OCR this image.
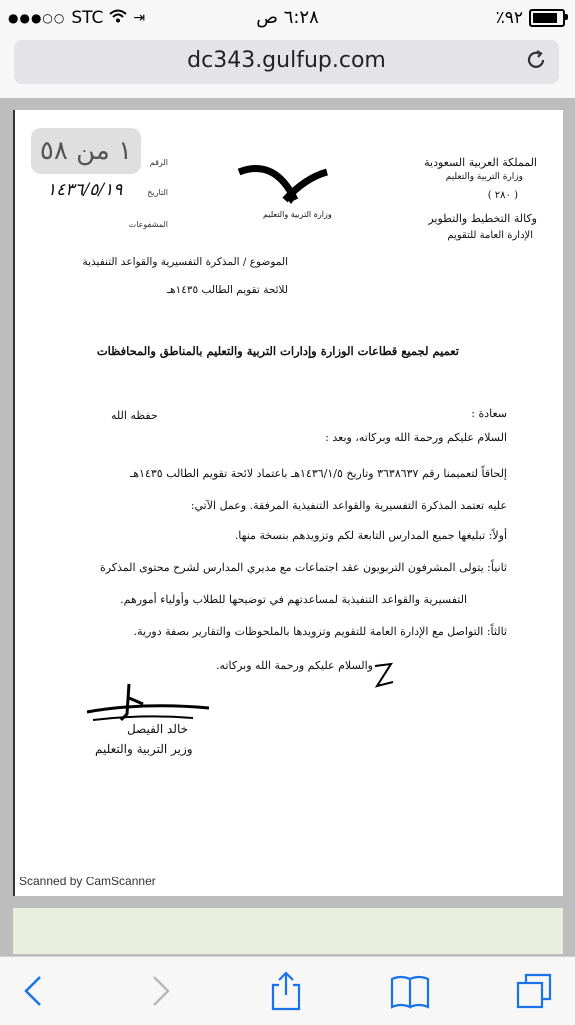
●●●○○ STC ⇥	٦:٢٨ ص	٪٩٢
dc343.gulfup.com
١ من ٥٨	الرقم
التاريخ
المشفوعات
١٤٣٦/٥/١٩
وزارة التربية والتعليم
المملكة العربية السعودية
وزارة التربية والتعليم
( ٢٨٠ )
وكالة التخطيط والتطوير
الإدارة العامة للتقويم
الموضوع / المذكرة التفسيرية والقواعد التنفيذية
للائحة تقويم الطالب ١٤٣٥هـ
تعميم لجميع قطاعات الوزارة وإدارات التربية والتعليم بالمناطق والمحافظات
سعادة :
حفظه الله
السلام عليكم ورحمة الله وبركاته، وبعد :
إلحاقاً لتعميمنا رقم ٣٦٣٨٦٣٧ وتاريخ ١٤٣٦/١/٥هـ باعتماد لائحة تقويم الطالب ١٤٣٥هـ
عليه تعتمد المذكرة التفسيرية والقواعد التنفيذية المرفقة. وعمل الآتي:
أولاً: تبليغها جميع المدارس التابعة لكم وتزويدهم بنسخة منها.
ثانياً: يتولى المشرفون التربويون عقد اجتماعات مع مديري المدارس لشرح محتوى المذكرة
التفسيرية والقواعد التنفيذية لمساعدتهم في توضيحها للطلاب وأولياء أمورهم.
ثالثاً: التواصل مع الإدارة العامة للتقويم وتزويدها بالملحوظات والتقارير بصفة دورية.
والسلام عليكم ورحمة الله وبركاته.
خالد الفيصل
وزير التربية والتعليم
Scanned by CamScanner
